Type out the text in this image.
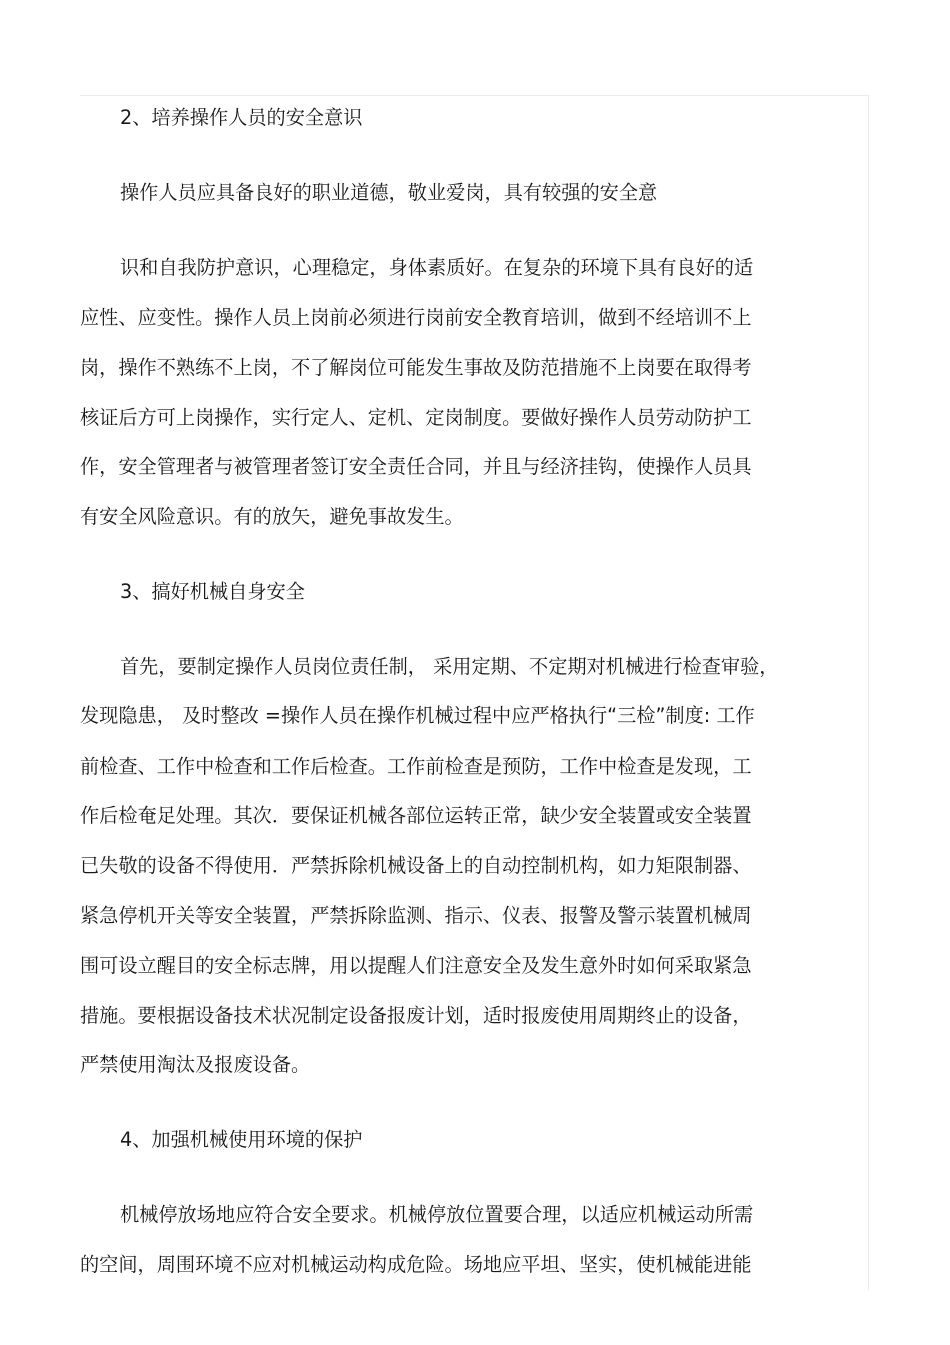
2、培养操作人员的安全意识

操作人员应具备良好的职业道德，敬业爱岗，具有较强的安全意

识和自我防护意识，心理稳定，身体素质好。在复杂的环境下具有良好的适

应性、应变性。操作人员上岗前必须进行岗前安全教育培训，做到不经培训不上

岗，操作不熟练不上岗，不了解岗位可能发生事故及防范措施不上岗要在取得考

核证后方可上岗操作，实行定人、定机、定岗制度。要做好操作人员劳动防护工

作，安全管理者与被管理者签订安全责任合同，并且与经济挂钩，使操作人员具

有安全风险意识。有的放矢，避免事故发生。

3、搞好机械自身安全

首先，要制定操作人员岗位责任制， 采用定期、不定期对机械进行检查审验，

发现隐患， 及时整改 =操作人员在操作机械过程中应严格执行“三检”制度: 工作

前检查、工作中检查和工作后检查。工作前检查是预防，工作中检查是发现，工

作后检奄足处理。其次．要保证机械各部位运转正常，缺少安全装置或安全装置

已失敬的设备不得使用．严禁拆除机械设备上的自动控制机构，如力矩限制器、

紧急停机开关等安全装置，严禁拆除监测、指示、仪表、报警及警示装置机械周

围可设立醒目的安全标志牌，用以提醒人们注意安全及发生意外时如何采取紧急

措施。要根据设备技术状况制定设备报废计划，适时报废使用周期终止的设备，

严禁使用淘汰及报废设备。

4、加强机械使用环境的保护

机械停放场地应符合安全要求。机械停放位置要合理，以适应机械运动所需

的空间，周围环境不应对机械运动构成危险。场地应平坦、坚实，使机械能进能
